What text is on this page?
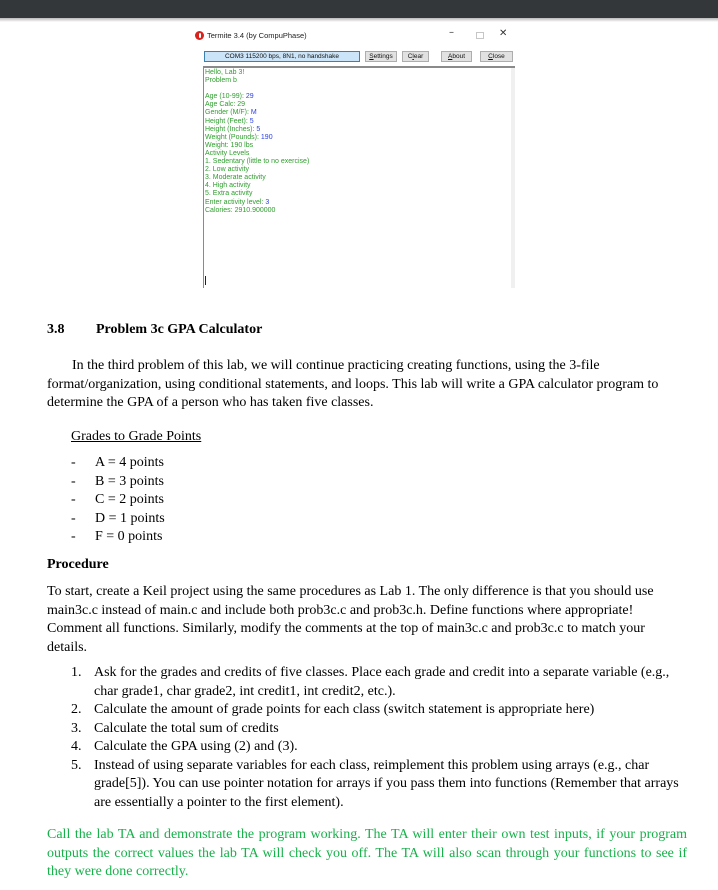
Termite 3.4 (by CompuPhase)	–	✕
COM3 115200 bps, 8N1, no handshake	Settings	Clear	About	Close
Hello, Lab 3!
Problem b
Age (10-99): 29
Age Calc: 29
Gender (M/F): M
Height (Feet): 5
Height (Inches): 5
Weight (Pounds): 190
Weight: 190 lbs
Activity Levels
1. Sedentary (little to no exercise)
2. Low activity
3. Moderate activity
4. High activity
5. Extra activity
Enter activity level: 3
Calories: 2910.900000
3.8 Problem 3c GPA Calculator

In the third problem of this lab, we will continue practicing creating functions, using the 3-file format/organization, using conditional statements, and loops. This lab will write a GPA calculator program to determine the GPA of a person who has taken five classes.

Grades to Grade Points
- A = 4 points
- B = 3 points
- C = 2 points
- D = 1 points
- F = 0 points
Procedure

To start, create a Keil project using the same procedures as Lab 1. The only difference is that you should use main3c.c instead of main.c and include both prob3c.c and prob3c.h. Define functions where appropriate! Comment all functions. Similarly, modify the comments at the top of main3c.c and prob3c.c to match your details.

1. Ask for the grades and credits of five classes. Place each grade and credit into a separate variable (e.g., char grade1, char grade2, int credit1, int credit2, etc.).
2. Calculate the amount of grade points for each class (switch statement is appropriate here)
3. Calculate the total sum of credits
4. Calculate the GPA using (2) and (3).
5. Instead of using separate variables for each class, reimplement this problem using arrays (e.g., char grade[5]). You can use pointer notation for arrays if you pass them into functions (Remember that arrays are essentially a pointer to the first element).

Call the lab TA and demonstrate the program working. The TA will enter their own test inputs, if your program outputs the correct values the lab TA will check you off. The TA will also scan through your functions to see if they were done correctly.
